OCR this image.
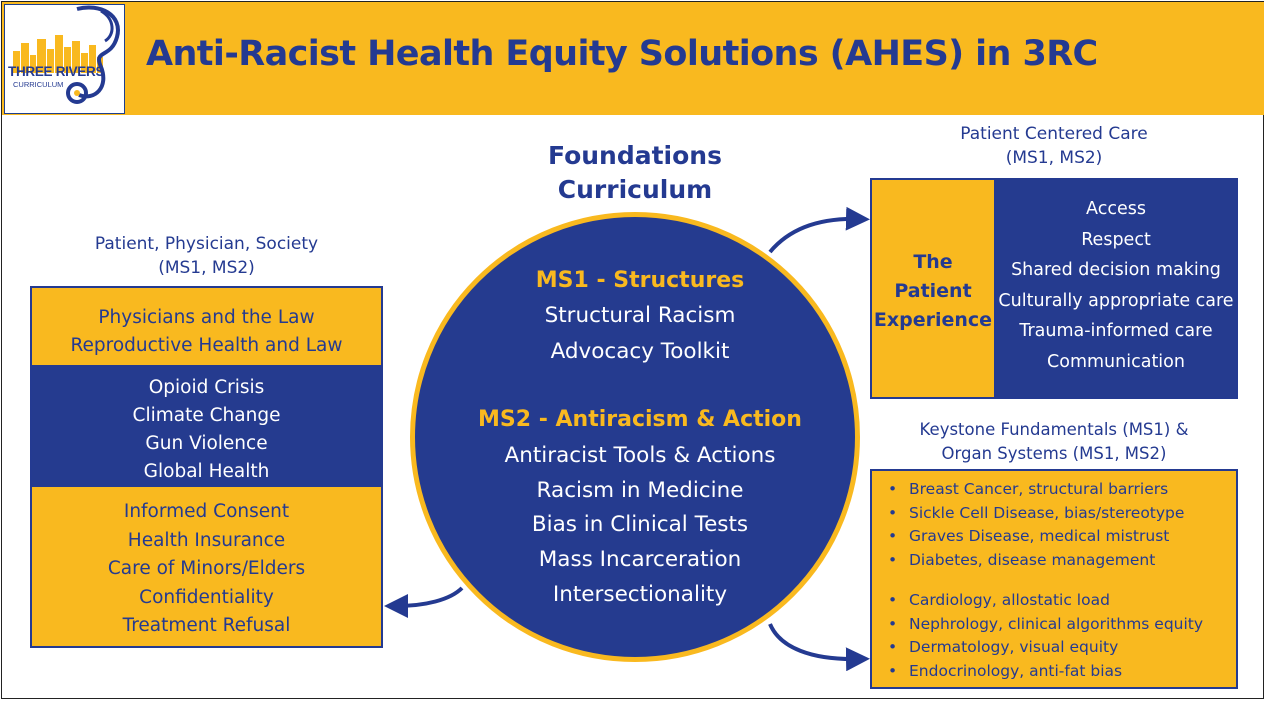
THREE RIVERS
CURRICULUM
Anti-Racist Health Equity Solutions (AHES) in 3RC
Foundations
Curriculum
MS1 - Structures
Structural Racism
Advocacy Toolkit
MS2 - Antiracism & Action
Antiracist Tools & Actions
Racism in Medicine
Bias in Clinical Tests
Mass Incarceration
Intersectionality
Patient, Physician, Society
(MS1, MS2)
Physicians and the Law
Reproductive Health and Law
Opioid Crisis
Climate Change
Gun Violence
Global Health
Informed Consent
Health Insurance
Care of Minors/Elders
Confidentiality
Treatment Refusal
Patient Centered Care
(MS1, MS2)
The
Patient
Experience
Access
Respect
Shared decision making
Culturally appropriate care
Trauma-informed care
Communication
Keystone Fundamentals (MS1) &
Organ Systems (MS1, MS2)
• Breast Cancer, structural barriers
• Sickle Cell Disease, bias/stereotype
• Graves Disease, medical mistrust
• Diabetes, disease management
• Cardiology, allostatic load
• Nephrology, clinical algorithms equity
• Dermatology, visual equity
• Endocrinology, anti-fat bias
